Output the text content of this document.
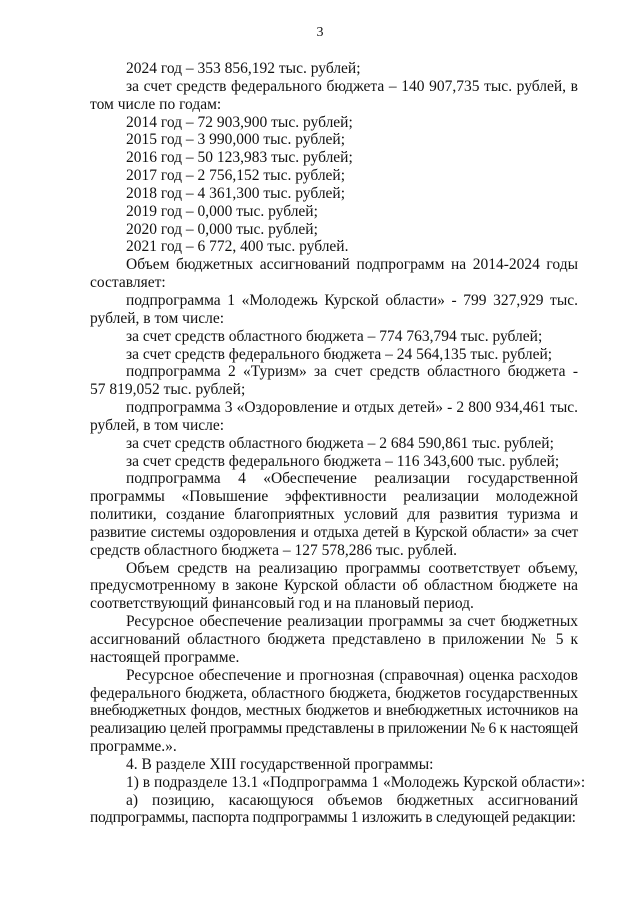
3
2024 год – 353 856,192 тыс. рублей;
за счет средств федерального бюджета – 140 907,735 тыс. рублей, в
том числе по годам:
2014 год – 72 903,900 тыс. рублей;
2015 год – 3 990,000 тыс. рублей;
2016 год – 50 123,983 тыс. рублей;
2017 год – 2 756,152 тыс. рублей;
2018 год – 4 361,300 тыс. рублей;
2019 год – 0,000 тыс. рублей;
2020 год – 0,000 тыс. рублей;
2021 год – 6 772, 400 тыс. рублей.
Объем бюджетных ассигнований подпрограмм на 2014-2024 годы
составляет:
подпрограмма 1 «Молодежь Курской области» - 799 327,929 тыс.
рублей, в том числе:
за счет средств областного бюджета – 774 763,794 тыс. рублей;
за счет средств федерального бюджета – 24 564,135 тыс. рублей;
подпрограмма 2 «Туризм» за счет средств областного бюджета -
57 819,052 тыс. рублей;
подпрограмма 3 «Оздоровление и отдых детей» - 2 800 934,461 тыс.
рублей, в том числе:
за счет средств областного бюджета – 2 684 590,861 тыс. рублей;
за счет средств федерального бюджета – 116 343,600 тыс. рублей;
подпрограмма 4 «Обеспечение реализации государственной
программы «Повышение эффективности реализации молодежной
политики, создание благоприятных условий для развития туризма и
развитие системы оздоровления и отдыха детей в Курской области» за счет
средств областного бюджета – 127 578,286 тыс. рублей.
Объем средств на реализацию программы соответствует объему,
предусмотренному в законе Курской области об областном бюджете на
соответствующий финансовый год и на плановый период.
Ресурсное обеспечение реализации программы за счет бюджетных
ассигнований областного бюджета представлено в приложении № 5 к
настоящей программе.
Ресурсное обеспечение и прогнозная (справочная) оценка расходов
федерального бюджета, областного бюджета, бюджетов государственных
внебюджетных фондов, местных бюджетов и внебюджетных источников на
реализацию целей программы представлены в приложении № 6 к настоящей
программе.».
4. В разделе XIII государственной программы:
1) в подразделе 13.1 «Подпрограмма 1 «Молодежь Курской области»:
а) позицию, касающуюся объемов бюджетных ассигнований
подпрограммы, паспорта подпрограммы 1 изложить в следующей редакции:
